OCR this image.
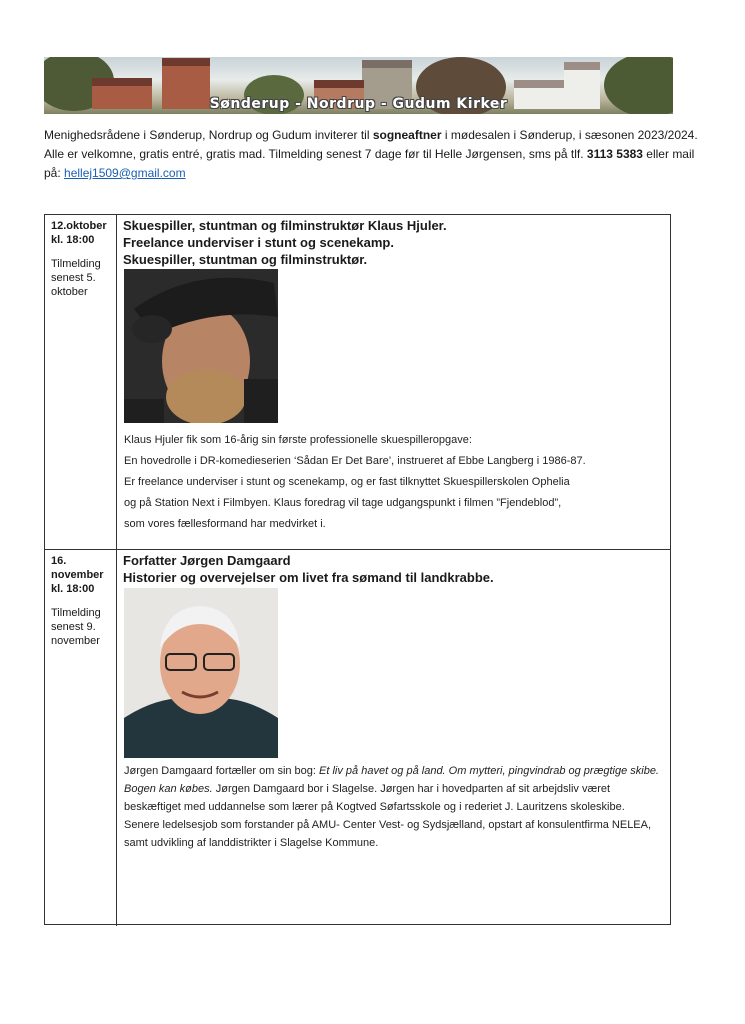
Sønderup - Nordrup - Gudum Kirker
Menighedsrådene i Sønderup, Nordrup og Gudum inviterer til sogneaftner i mødesalen i Sønderup, i sæsonen 2023/2024.
Alle er velkomne, gratis entré, gratis mad. Tilmelding senest 7 dage før til Helle Jørgensen, sms på tlf. 3113 5383 eller mail
på: hellej1509@gmail.com
12.oktober
kl. 18:00
Tilmelding senest 5. oktober
Skuespiller, stuntman og filminstruktør Klaus Hjuler.
Freelance underviser i stunt og scenekamp.
Skuespiller, stuntman og filminstruktør.

Klaus Hjuler fik som 16-årig sin første professionelle skuespilleropgave:

En hovedrolle i DR-komedieserien ‘Sådan Er Det Bare’, instrueret af Ebbe Langberg i 1986-87.

Er freelance underviser i stunt og scenekamp, og er fast tilknyttet Skuespillerskolen Ophelia

og på Station Next i Filmbyen. Klaus foredrag vil tage udgangspunkt i filmen ”Fjendeblod”,

som vores fællesformand har medvirket i.

16. november
kl. 18:00
Tilmelding senest 9. november
Forfatter Jørgen Damgaard
Historier og overvejelser om livet fra sømand til landkrabbe.

Jørgen Damgaard fortæller om sin bog: Et liv på havet og på land. Om mytteri, pingvindrab og prægtige skibe.

Bogen kan købes. Jørgen Damgaard bor i Slagelse. Jørgen har i hovedparten af sit arbejdsliv været beskæftiget med uddannelse som lærer på Kogtved Søfartsskole og i rederiet J. Lauritzens skoleskibe.

Senere ledelsesjob som forstander på AMU- Center Vest- og Sydsjælland, opstart af konsulentfirma NELEA,

samt udvikling af landdistrikter i Slagelse Kommune.
